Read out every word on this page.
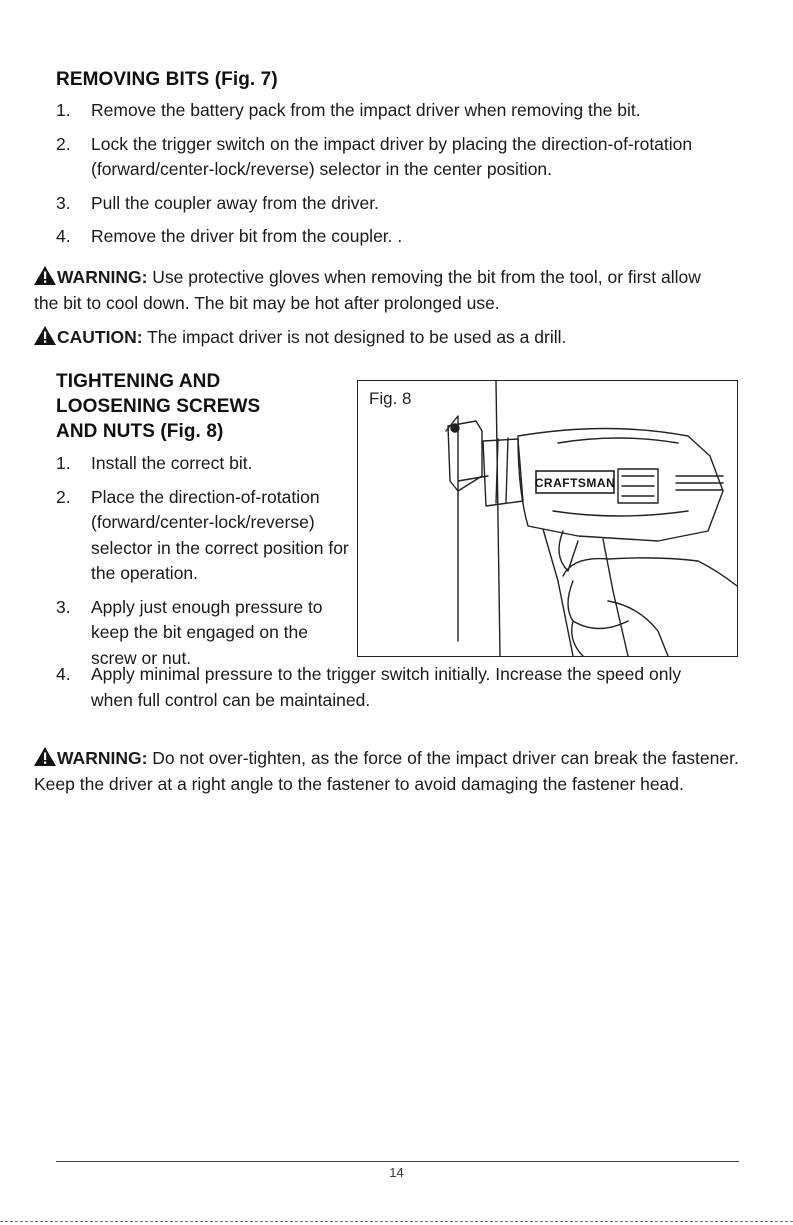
REMOVING BITS (Fig. 7)
1.	Remove the battery pack from the impact driver when removing the bit.
2.	Lock the trigger switch on the impact driver by placing the direction-of-rotation (forward/center-lock/reverse) selector in the center position.
3.	Pull the coupler away from the driver.
4.	Remove the driver bit from the coupler. .
WARNING: Use protective gloves when removing the bit from the tool, or first allow the bit to cool down. The bit may be hot after prolonged use.
CAUTION: The impact driver is not designed to be used as a drill.
TIGHTENING AND
LOOSENING SCREWS
AND NUTS (Fig. 8)
1.	Install the correct bit.
2.	Place the direction-of-rotation (forward/center-lock/reverse) selector in the correct position for the operation.
3.	Apply just enough pressure to keep the bit engaged on the screw or nut.
4.	Apply minimal pressure to the trigger switch initially. Increase the speed only when full control can be maintained.
WARNING: Do not over-tighten, as the force of the impact driver can break the fastener. Keep the driver at a right angle to the fastener to avoid damaging the fastener head.
Fig. 8
CRAFTSMAN
14
